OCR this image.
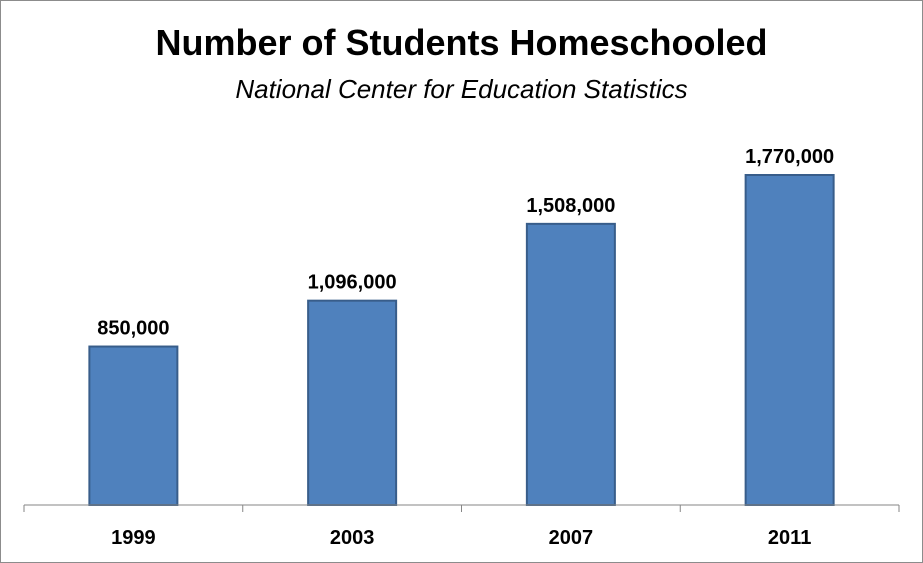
Number of Students Homeschooled
National Center for Education Statistics
850,000
1,096,000
1,508,000
1,770,000
1999	2003	2007	2011
